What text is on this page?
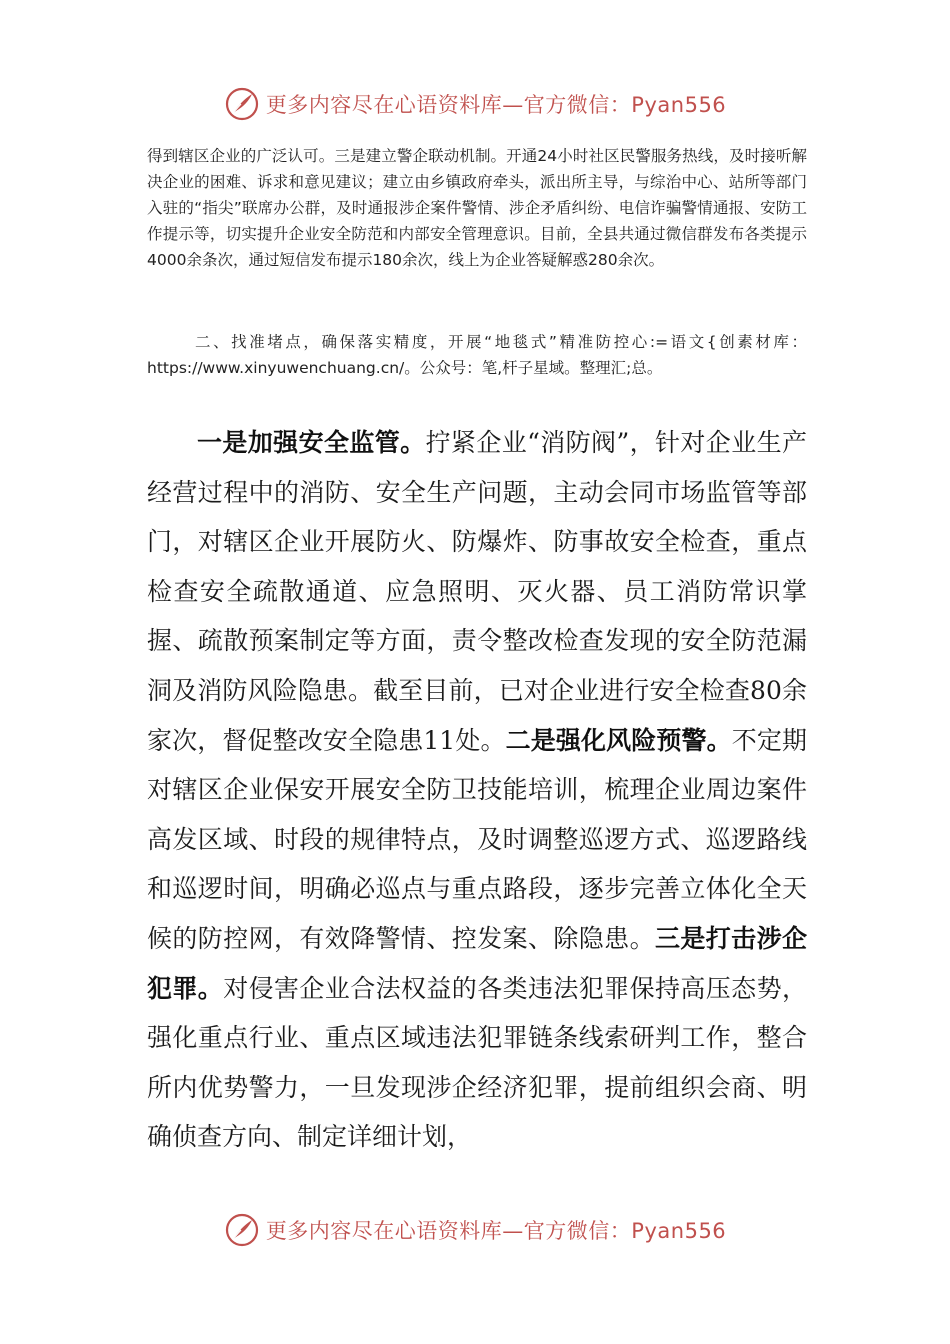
更多内容尽在心语资料库—官方微信：Pyan556

得到辖区企业的广泛认可。三是建立警企联动机制。开通24小时社区民警服务热线，及时接听解决企业的困难、诉求和意见建议；建立由乡镇政府牵头，派出所主导，与综治中心、站所等部门入驻的“指尖”联席办公群，及时通报涉企案件警情、涉企矛盾纠纷、电信诈骗警情通报、安防工作提示等，切实提升企业安全防范和内部安全管理意识。目前，全县共通过微信群发布各类提示4000余条次，通过短信发布提示180余次，线上为企业答疑解惑280余次。

二、找准堵点，确保落实精度，开展“地毯式”精准防控心:=语文{创素材库：https://www.xinyuwenchuang.cn/。公众号：笔,杆子星域。整理汇;总。

一是加强安全监管。拧紧企业“消防阀”，针对企业生产经营过程中的消防、安全生产问题，主动会同市场监管等部门，对辖区企业开展防火、防爆炸、防事故安全检查，重点检查安全疏散通道、应急照明、灭火器、员工消防常识掌握、疏散预案制定等方面，责令整改检查发现的安全防范漏洞及消防风险隐患。截至目前，已对企业进行安全检查80余家次，督促整改安全隐患11处。二是强化风险预警。不定期对辖区企业保安开展安全防卫技能培训，梳理企业周边案件高发区域、时段的规律特点，及时调整巡逻方式、巡逻路线和巡逻时间，明确必巡点与重点路段，逐步完善立体化全天候的防控网，有效降警情、控发案、除隐患。三是打击涉企犯罪。对侵害企业合法权益的各类违法犯罪保持高压态势，强化重点行业、重点区域违法犯罪链条线索研判工作，整合所内优势警力，一旦发现涉企经济犯罪，提前组织会商、明确侦查方向、制定详细计划，

更多内容尽在心语资料库—官方微信：Pyan556
